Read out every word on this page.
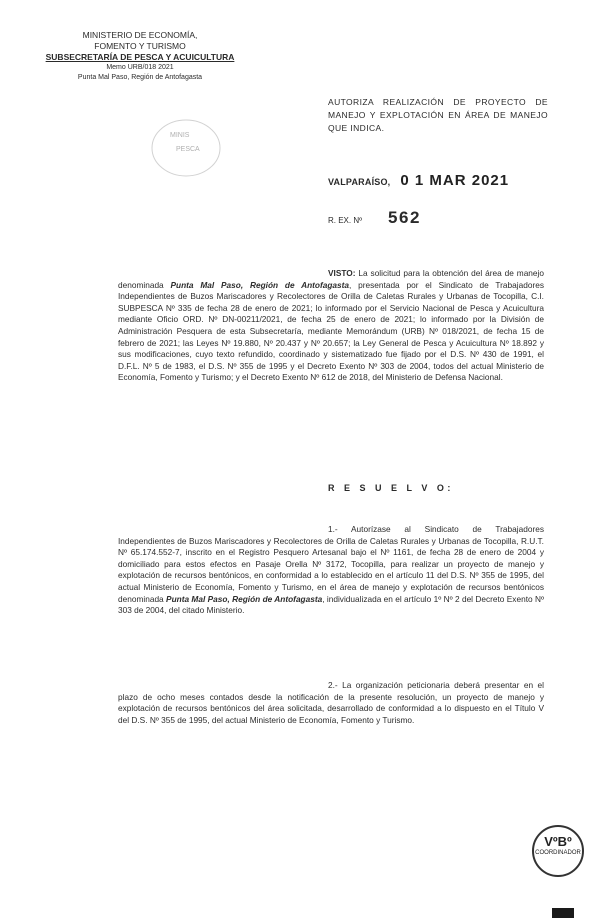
MINISTERIO DE ECONOMÍA,
FOMENTO Y TURISMO
SUBSECRETARÍA DE PESCA Y ACUICULTURA
Memo URB/018 2021
Punta Mal Paso, Región de Antofagasta
MINIS
PESCA
AUTORIZA REALIZACIÓN DE PROYECTO DE MANEJO Y EXPLOTACIÓN EN ÁREA DE MANEJO QUE INDICA.
VALPARAÍSO, 0 1 MAR 2021
R. EX. Nº 562
VISTO: La solicitud para la obtención del área de manejo denominada Punta Mal Paso, Región de Antofagasta, presentada por el Sindicato de Trabajadores Independientes de Buzos Mariscadores y Recolectores de Orilla de Caletas Rurales y Urbanas de Tocopilla, C.I. SUBPESCA Nº 335 de fecha 28 de enero de 2021; lo informado por el Servicio Nacional de Pesca y Acuicultura mediante Oficio ORD. Nº DN-00211/2021, de fecha 25 de enero de 2021; lo informado por la División de Administración Pesquera de esta Subsecretaría, mediante Memorándum (URB) Nº 018/2021, de fecha 15 de febrero de 2021; las Leyes Nº 19.880, Nº 20.437 y Nº 20.657; la Ley General de Pesca y Acuicultura Nº 18.892 y sus modificaciones, cuyo texto refundido, coordinado y sistematizado fue fijado por el D.S. Nº 430 de 1991, el D.F.L. Nº 5 de 1983, el D.S. Nº 355 de 1995 y el Decreto Exento Nº 303 de 2004, todos del actual Ministerio de Economía, Fomento y Turismo; y el Decreto Exento Nº 612 de 2018, del Ministerio de Defensa Nacional.
R E S U E L V O:
1.- Autorízase al Sindicato de Trabajadores Independientes de Buzos Mariscadores y Recolectores de Orilla de Caletas Rurales y Urbanas de Tocopilla, R.U.T. Nº 65.174.552-7, inscrito en el Registro Pesquero Artesanal bajo el Nº 1161, de fecha 28 de enero de 2004 y domiciliado para estos efectos en Pasaje Orella Nº 3172, Tocopilla, para realizar un proyecto de manejo y explotación de recursos bentónicos, en conformidad a lo establecido en el artículo 11 del D.S. Nº 355 de 1995, del actual Ministerio de Economía, Fomento y Turismo, en el área de manejo y explotación de recursos bentónicos denominada Punta Mal Paso, Región de Antofagasta, individualizada en el artículo 1º Nº 2 del Decreto Exento Nº 303 de 2004, del citado Ministerio.
2.- La organización peticionaria deberá presentar en el plazo de ocho meses contados desde la notificación de la presente resolución, un proyecto de manejo y explotación de recursos bentónicos del área solicitada, desarrollado de conformidad a lo dispuesto en el Título V del D.S. Nº 355 de 1995, del actual Ministerio de Economía, Fomento y Turismo.
VºBº
COORDINADOR
